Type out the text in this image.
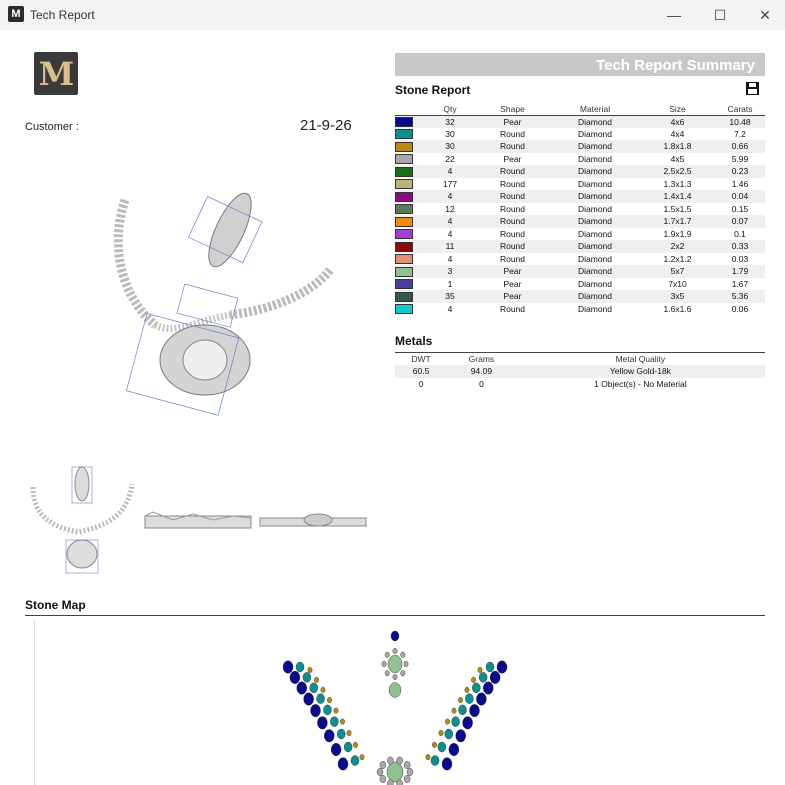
M Tech Report	—	☐	✕
M
Customer :	21-9-26
Tech Report Summary
Stone Report
	Qty	Shape	Material	Size	Carats
	32	Pear	Diamond	4x6	10.48
	30	Round	Diamond	4x4	7.2
	30	Round	Diamond	1.8x1.8	0.66
	22	Pear	Diamond	4x5	5.99
	4	Round	Diamond	2.5x2.5	0.23
	177	Round	Diamond	1.3x1.3	1.46
	4	Round	Diamond	1.4x1.4	0.04
	12	Round	Diamond	1.5x1.5	0.15
	4	Round	Diamond	1.7x1.7	0.07
	4	Round	Diamond	1.9x1.9	0.1
	11	Round	Diamond	2x2	0.33
	4	Round	Diamond	1.2x1.2	0.03
	3	Pear	Diamond	5x7	1.79
	1	Pear	Diamond	7x10	1.67
	35	Pear	Diamond	3x5	5.36
	4	Round	Diamond	1.6x1.6	0.06
Metals
DWT	Grams	Metal Quality
60.5	94.09	Yellow Gold-18k
0	0	1 Object(s) - No Material
Stone Map
